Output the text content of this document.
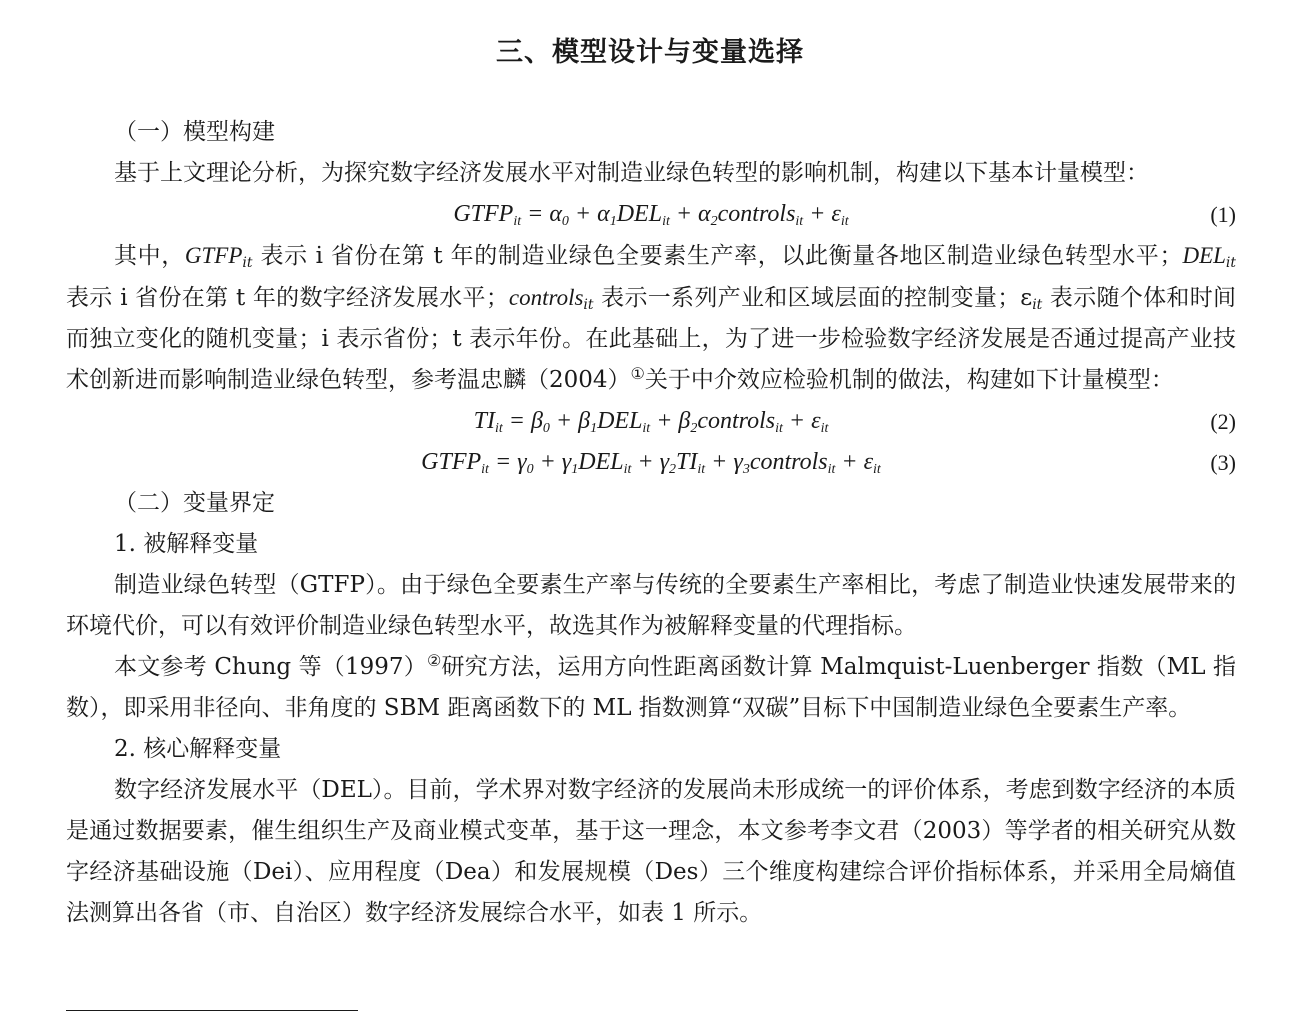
三、模型设计与变量选择

（一）模型构建

基于上文理论分析，为探究数字经济发展水平对制造业绿色转型的影响机制，构建以下基本计量模型：

$GTFP_{it} = \alpha_0 + \alpha_1DEL_{it}$ + $\alpha_2controls_{it} + \varepsilon_{it}$	(1)

其中，$GTFP_{it}$ 表示 i 省份在第 t 年的制造业绿色全要素生产率，以此衡量各地区制造业绿色转型水平；$DEL_{it}$ 表示 i 省份在第 t 年的数字经济发展水平；controls$_{it}$ 表示一系列产业和区域层面的控制变量；$\varepsilon_{it}$ 表示随个体和时间而独立变化的随机变量；i 表示省份；t 表示年份。在此基础上，为了进一步检验数字经济发展是否通过提高产业技术创新进而影响制造业绿色转型，参考温忠麟（2004）①关于中介效应检验机制的做法，构建如下计量模型：

$TI_{it} = \beta_0 + \beta_1DEL_{it}$ + $\beta_2controls_{it} + \varepsilon_{it}$	(2)
$GTFP_{it} = \gamma_0 + \gamma_1DEL_{it} + \gamma_2TI_{it}$ + $\gamma_3controls_{it} + \varepsilon_{it}$	(3)

（二）变量界定

1. 被解释变量

制造业绿色转型（GTFP）。由于绿色全要素生产率与传统的全要素生产率相比，考虑了制造业快速发展带来的环境代价，可以有效评价制造业绿色转型水平，故选其作为被解释变量的代理指标。

本文参考 Chung 等（1997）②研究方法，运用方向性距离函数计算 Malmquist-Luenberger 指数（ML 指数），即采用非径向、非角度的 SBM 距离函数下的 ML 指数测算“双碳”目标下中国制造业绿色全要素生产率。

2. 核心解释变量

数字经济发展水平（DEL）。目前，学术界对数字经济的发展尚未形成统一的评价体系，考虑到数字经济的本质是通过数据要素，催生组织生产及商业模式变革，基于这一理念，本文参考李文君（2003）等学者的相关研究从数字经济基础设施（Dei）、应用程度（Dea）和发展规模（Des）三个维度构建综合评价指标体系，并采用全局熵值法测算出各省（市、自治区）数字经济发展综合水平，如表 1 所示。
